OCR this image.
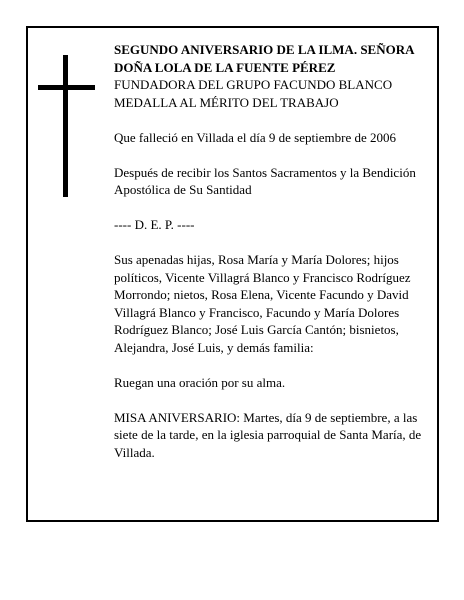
SEGUNDO ANIVERSARIO DE LA ILMA. SEÑORA

DOÑA LOLA DE LA FUENTE PÉREZ

FUNDADORA DEL GRUPO FACUNDO BLANCO

MEDALLA AL MÉRITO DEL TRABAJO

Que falleció en Villada el día 9 de septiembre de 2006

Después de recibir los Santos Sacramentos y la Bendición Apostólica de Su Santidad

---- D. E. P. ----

Sus apenadas hijas, Rosa María y María Dolores; hijos políticos, Vicente Villagrá Blanco y Francisco Rodríguez Morrondo; nietos, Rosa Elena, Vicente Facundo y David Villagrá Blanco y Francisco, Facundo y María Dolores Rodríguez Blanco; José Luis García Cantón; bisnietos, Alejandra, José Luis, y demás familia:

Ruegan una oración por su alma.

MISA ANIVERSARIO: Martes, día 9 de septiembre, a las siete de la tarde, en la iglesia parroquial de Santa María, de Villada.
